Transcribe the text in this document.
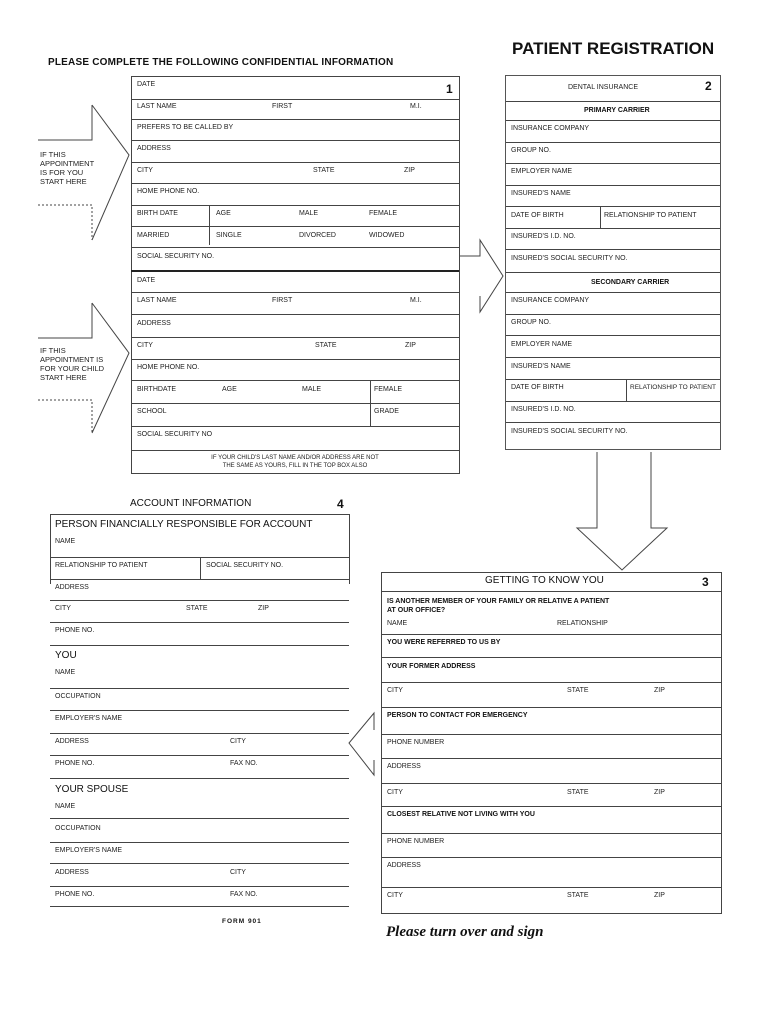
PLEASE COMPLETE THE FOLLOWING CONFIDENTIAL INFORMATION
PATIENT REGISTRATION
IF THIS
APPOINTMENT
IS FOR YOU
START HERE
IF THIS
APPOINTMENT IS
FOR YOUR CHILD
START HERE
DATE	1
LAST NAME	FIRST	M.I.
PREFERS TO BE CALLED BY
ADDRESS
CITY	STATE	ZIP
HOME PHONE NO.
BIRTH DATE	AGE	MALE	FEMALE
MARRIED	SINGLE	DIVORCED	WIDOWED
SOCIAL SECURITY NO.
DATE
LAST NAME	FIRST	M.I.
ADDRESS
CITY	STATE	ZIP
HOME PHONE NO.
BIRTHDATE	AGE	MALE	FEMALE
SCHOOL	GRADE
SOCIAL SECURITY NO
IF YOUR CHILD'S LAST NAME AND/OR ADDRESS ARE NOT
THE SAME AS YOURS, FILL IN THE TOP BOX ALSO
DENTAL INSURANCE	2
PRIMARY CARRIER
INSURANCE COMPANY
GROUP NO.
EMPLOYER NAME
INSURED'S NAME
DATE OF BIRTH	RELATIONSHIP TO PATIENT
INSURED'S I.D. NO.
INSURED'S SOCIAL SECURITY NO.
SECONDARY CARRIER
INSURANCE COMPANY
GROUP NO.
EMPLOYER NAME
INSURED'S NAME
DATE OF BIRTH	RELATIONSHIP TO PATIENT
INSURED'S I.D. NO.
INSURED'S SOCIAL SECURITY NO.
ACCOUNT INFORMATION	4
PERSON FINANCIALLY RESPONSIBLE FOR ACCOUNT
NAME
RELATIONSHIP TO PATIENT	SOCIAL SECURITY NO.
ADDRESS
CITY	STATE	ZIP
PHONE NO.
YOU
NAME
OCCUPATION
EMPLOYER'S NAME
ADDRESS	CITY
PHONE NO.	FAX NO.
YOUR SPOUSE
NAME
OCCUPATION
EMPLOYER'S NAME
ADDRESS	CITY
PHONE NO.	FAX NO.
GETTING TO KNOW YOU	3
IS ANOTHER MEMBER OF YOUR FAMILY OR RELATIVE A PATIENT
AT OUR OFFICE?
NAME	RELATIONSHIP
YOU WERE REFERRED TO US BY
YOUR FORMER ADDRESS
CITY	STATE	ZIP
PERSON TO CONTACT FOR EMERGENCY
PHONE NUMBER
ADDRESS
CITY	STATE	ZIP
CLOSEST RELATIVE NOT LIVING WITH YOU
PHONE NUMBER
ADDRESS
CITY	STATE	ZIP
FORM 901
Please turn over and sign
